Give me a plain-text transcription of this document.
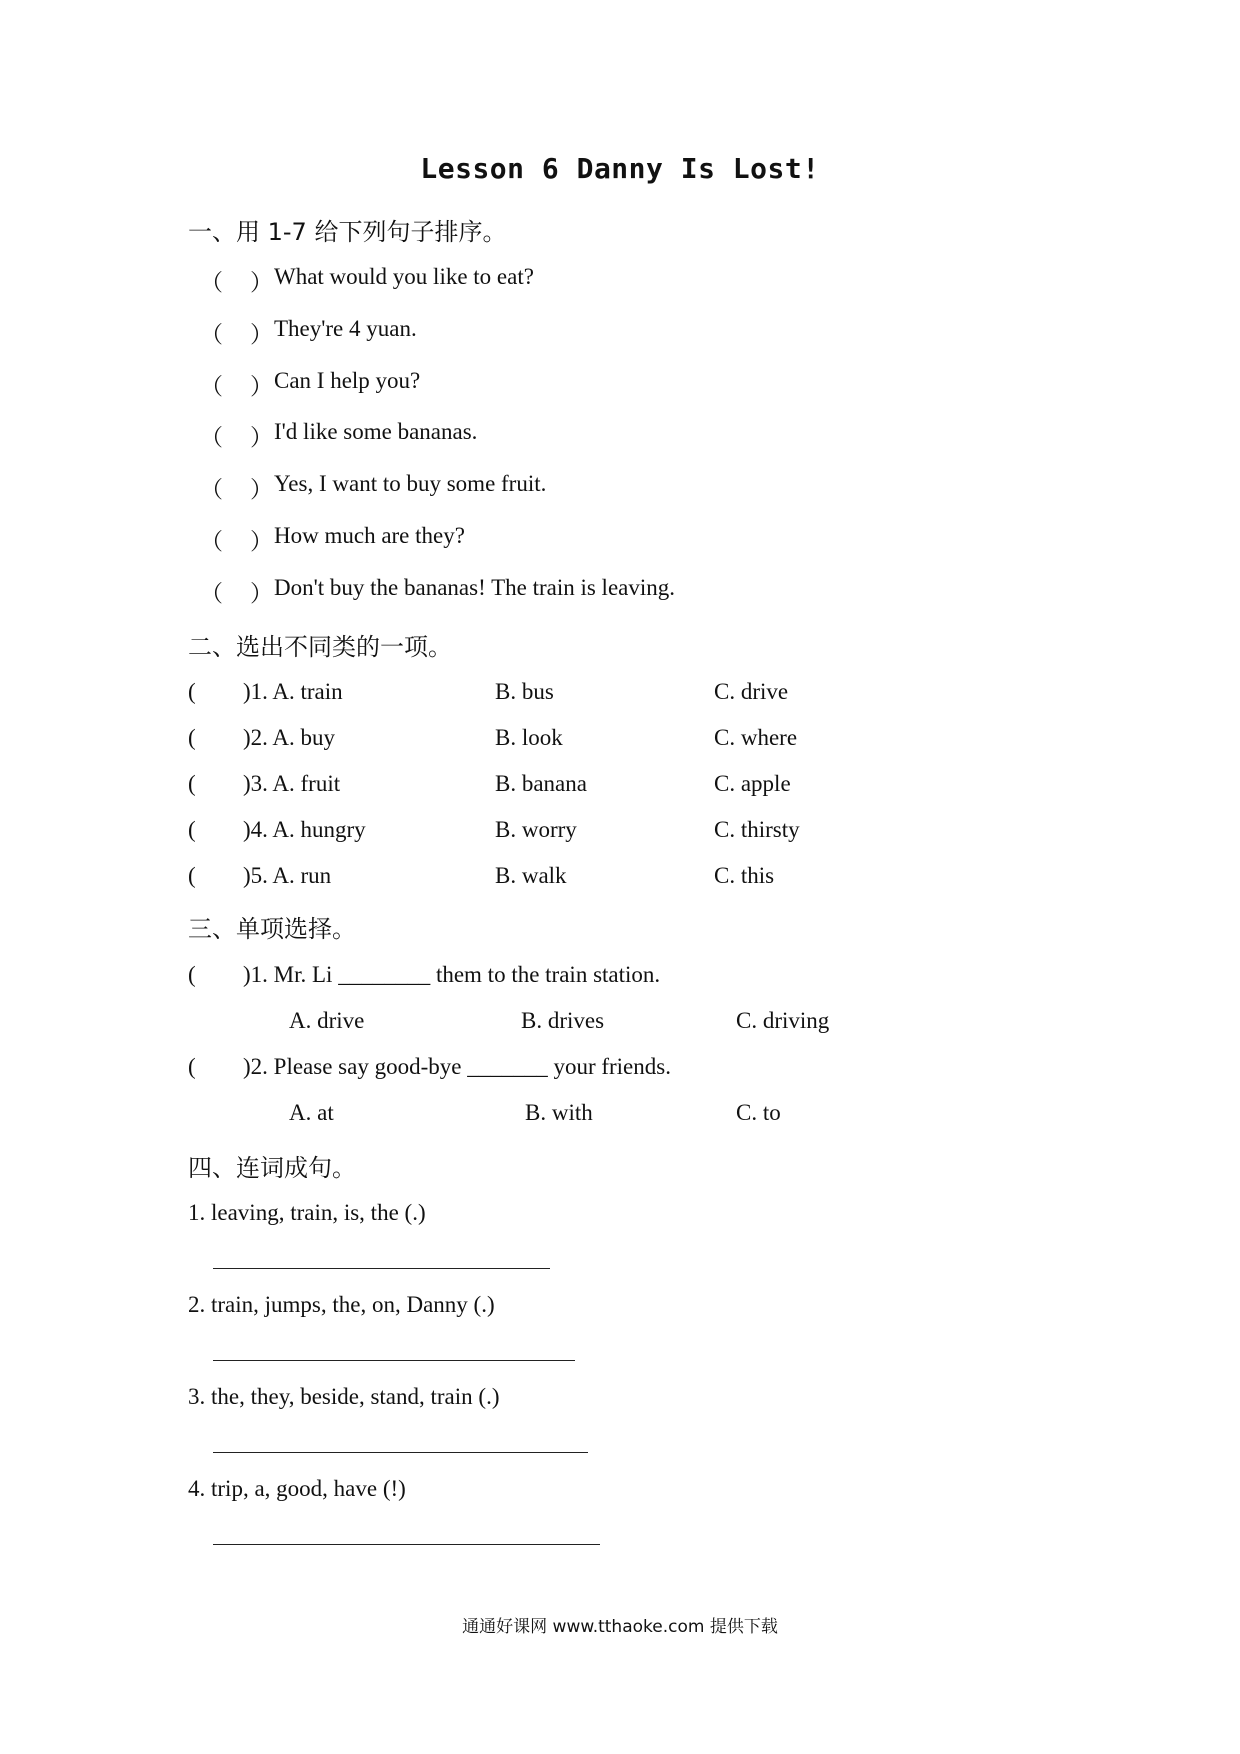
Lesson 6 Danny Is Lost!
一、用 1-7 给下列句子排序。
（ ） What would you like to eat?
（ ） They're 4 yuan.
（ ） Can I help you?
（ ） I'd like some bananas.
（ ） Yes, I want to buy some fruit.
（ ） How much are they?
（ ） Don't buy the bananas! The train is leaving.
二、选出不同类的一项。
( )1. A. train	B. bus	C. drive
( )2. A. buy	B. look	C. where
( )3. A. fruit	B. banana	C. apple
( )4. A. hungry	B. worry	C. thirsty
( )5. A. run	B. walk	C. this
三、单项选择。
( )1. Mr. Li ________ them to the train station.
A. drive	B. drives	C. driving
( )2. Please say good-bye _______ your friends.
A. at	B. with	C. to
四、连词成句。
1. leaving, train, is, the (.)
2. train, jumps, the, on, Danny (.)
3. the, they, beside, stand, train (.)
4. trip, a, good, have (!)
通通好课网 www.tthaoke.com 提供下载
